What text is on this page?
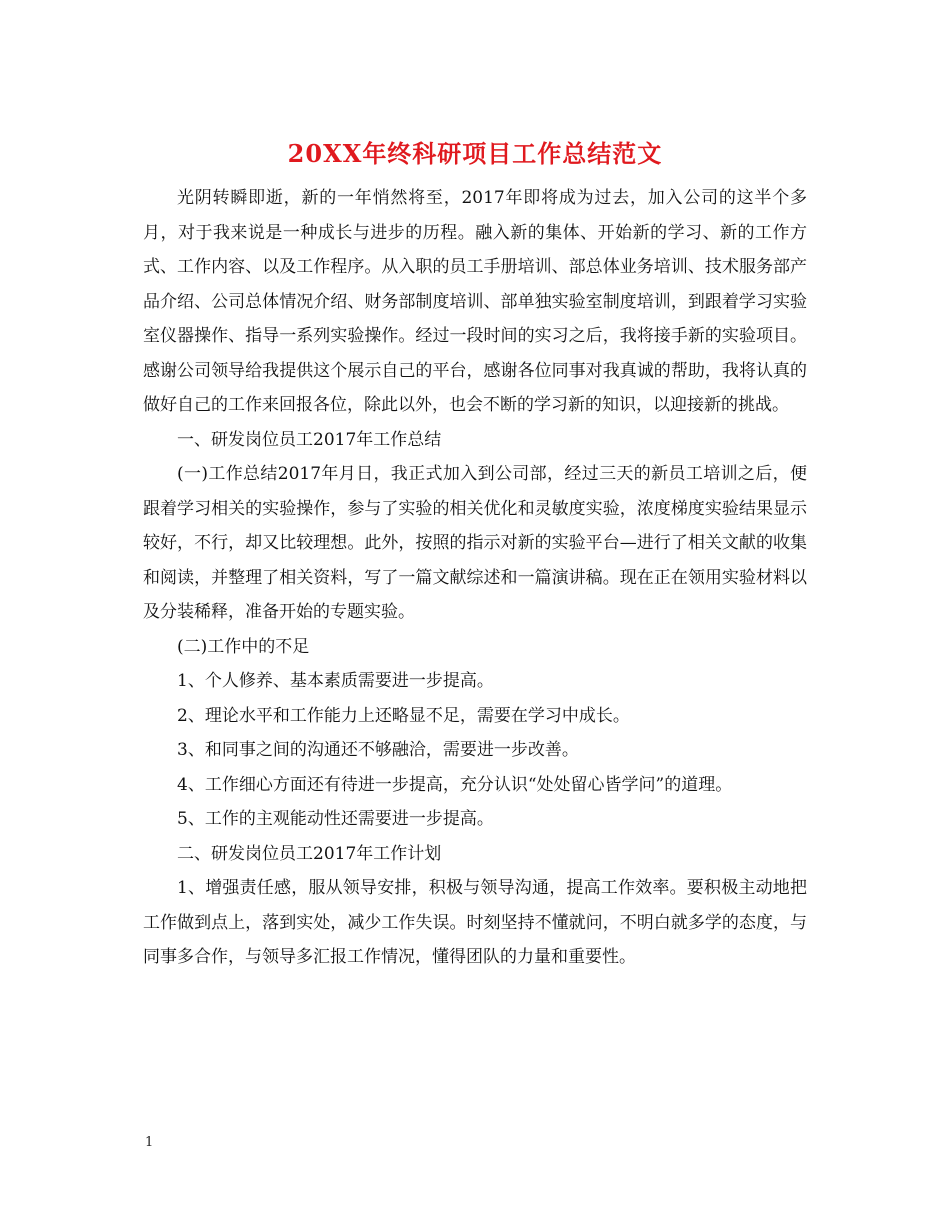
20XX年终科研项目工作总结范文

光阴转瞬即逝，新的一年悄然将至，2017年即将成为过去，加入公司的这半个多月，对于我来说是一种成长与进步的历程。融入新的集体、开始新的学习、新的工作方式、工作内容、以及工作程序。从入职的员工手册培训、部总体业务培训、技术服务部产品介绍、公司总体情况介绍、财务部制度培训、部单独实验室制度培训，到跟着学习实验室仪器操作、指导一系列实验操作。经过一段时间的实习之后，我将接手新的实验项目。感谢公司领导给我提供这个展示自己的平台，感谢各位同事对我真诚的帮助，我将认真的做好自己的工作来回报各位，除此以外，也会不断的学习新的知识，以迎接新的挑战。

一、研发岗位员工2017年工作总结

(一)工作总结2017年月日，我正式加入到公司部，经过三天的新员工培训之后，便跟着学习相关的实验操作，参与了实验的相关优化和灵敏度实验，浓度梯度实验结果显示较好，不行，却又比较理想。此外，按照的指示对新的实验平台—进行了相关文献的收集和阅读，并整理了相关资料，写了一篇文献综述和一篇演讲稿。现在正在领用实验材料以及分装稀释，准备开始的专题实验。

(二)工作中的不足

1、个人修养、基本素质需要进一步提高。

2、理论水平和工作能力上还略显不足，需要在学习中成长。

3、和同事之间的沟通还不够融洽，需要进一步改善。

4、工作细心方面还有待进一步提高，充分认识“处处留心皆学问”的道理。

5、工作的主观能动性还需要进一步提高。

二、研发岗位员工2017年工作计划

1、增强责任感，服从领导安排，积极与领导沟通，提高工作效率。要积极主动地把工作做到点上，落到实处，减少工作失误。时刻坚持不懂就问，不明白就多学的态度，与同事多合作，与领导多汇报工作情况，懂得团队的力量和重要性。

1
